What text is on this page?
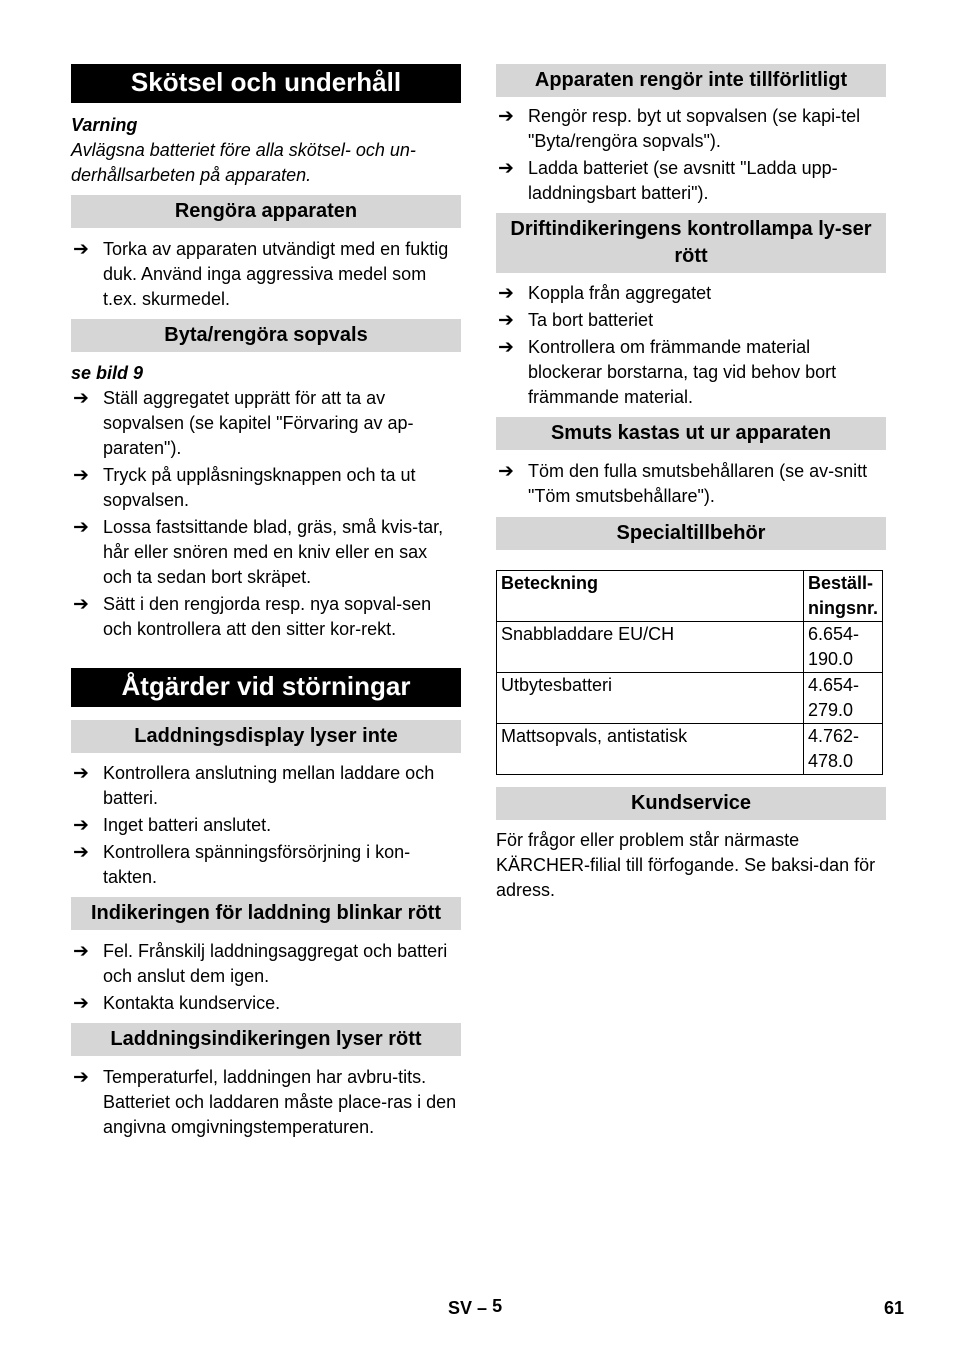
Skötsel och underhåll
Varning
Avlägsna batteriet före alla skötsel- och un-derhållsarbeten på apparaten.
Rengöra apparaten
➔ Torka av apparaten utvändigt med en fuktig duk. Använd inga aggressiva medel som t.ex. skurmedel.
Byta/rengöra sopvals
se bild 9
➔ Ställ aggregatet upprätt för att ta av sopvalsen (se kapitel "Förvaring av ap-paraten").
➔ Tryck på upplåsningsknappen och ta ut sopvalsen.
➔ Lossa fastsittande blad, gräs, små kvis-tar, hår eller snören med en kniv eller en sax och ta sedan bort skräpet.
➔ Sätt i den rengjorda resp. nya sopval-sen och kontrollera att den sitter kor-rekt.
Åtgärder vid störningar
Laddningsdisplay lyser inte
➔ Kontrollera anslutning mellan laddare och batteri.
➔ Inget batteri anslutet.
➔ Kontrollera spänningsförsörjning i kon-takten.
Indikeringen för laddning blinkar rött
➔ Fel. Frånskilj laddningsaggregat och batteri och anslut dem igen.
➔ Kontakta kundservice.
Laddningsindikeringen lyser rött
➔ Temperaturfel, laddningen har avbru-tits. Batteriet och laddaren måste place-ras i den angivna omgivningstemperaturen.
Apparaten rengör inte tillförlitligt
➔ Rengör resp. byt ut sopvalsen (se kapi-tel "Byta/rengöra sopvals").
➔ Ladda batteriet (se avsnitt "Ladda upp-laddningsbart batteri").
Driftindikeringens kontrollampa ly-ser rött
➔ Koppla från aggregatet
➔ Ta bort batteriet
➔ Kontrollera om främmande material blockerar borstarna, tag vid behov bort främmande material.
Smuts kastas ut ur apparaten
➔ Töm den fulla smutsbehållaren (se av-snitt "Töm smutsbehållare").
Specialtillbehör
Beteckning	Beställ-ningsnr.
Snabbladdare EU/CH	6.654-190.0
Utbytesbatteri	4.654-279.0
Mattsopvals, antistatisk	4.762-478.0
Kundservice
För frågor eller problem står närmaste KÄRCHER-filial till förfogande. Se baksi-dan för adress.
SV – 5	61
